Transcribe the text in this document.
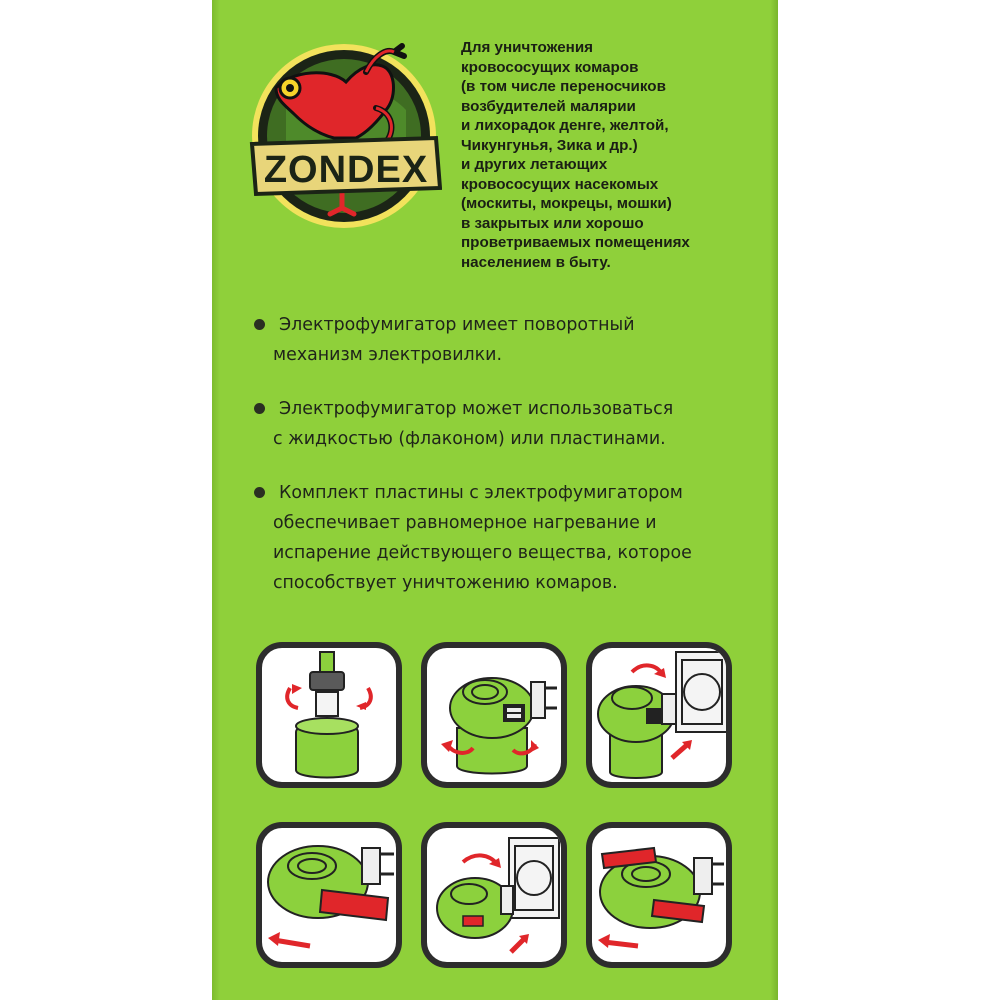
ZONDEX
Для уничтожения
кровососущих комаров
(в том числе переносчиков
возбудителей малярии
и лихорадок денге, желтой,
Чикунгунья, Зика и др.)
и других летающих
кровососущих насекомых
(москиты, мокрецы, мошки)
в закрытых или хорошо
проветриваемых помещениях
населением в быту.
Электрофумигатор имеет поворотный
механизм электровилки.
Электрофумигатор может использоваться
с жидкостью (флаконом) или пластинами.
Комплект пластины с электрофумигатором
обеспечивает равномерное нагревание и
испарение действующего вещества, которое
способствует уничтожению комаров.
